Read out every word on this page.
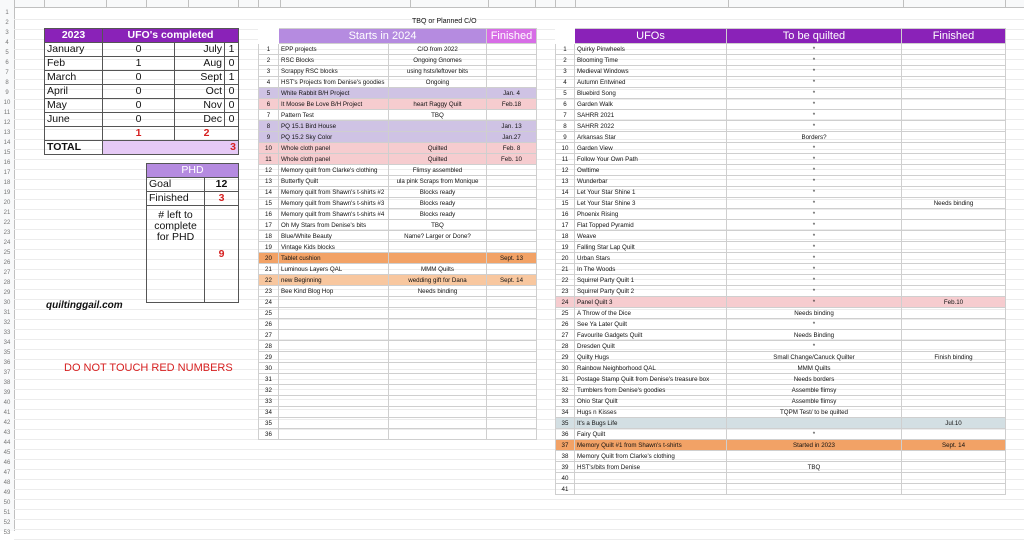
1
2
3
4
5
6
7
8
9
10
11
12
13
14
15
16
17
18
19
20
21
22
23
24
25
26
27
28
29
30
31
32
33
34
35
36
37
38
39
40
41
42
43
44
45
46
47
48
49
50
51
52
53
TBQ or Planned C/O
2023	UFO's completed		
January	0	July	1
Feb	1	Aug	0
March	0	Sept	1
April	0	Oct	0
May	0	Nov	0
June	0	Dec	0
	1	2	
TOTAL	3		
PHD	
Goal	12
Finished	3
# left to complete for PHD	9
quiltinggail.com
DO NOT TOUCH RED NUMBERS
	Starts in 2024		Finished
1	EPP projects	C/O from 2022	
2	RSC Blocks	Ongoing Gnomes	
3	Scrappy RSC blocks	using hsts/leftover bits	
4	HST's Projects from Denise's goodies	Ongoing	
5	White Rabbit B/H Project		Jan. 4
6	It Moose Be Love B/H Project	heart Raggy Quilt	Feb.18
7	Pattern Test	TBQ	
8	PQ 15.1 Bird House		Jan. 13
9	PQ 15.2 Sky Color		Jan.27
10	Whole cloth panel	Quilted	Feb. 8
11	Whole cloth panel	Quilted	Feb. 10
12	Memory quilt from Clarke's clothing	Flimsy assembled	
13	Butterfly Quilt	ula pink Scraps from Monique	
14	Memory quilt from Shawn's t-shirts #2	Blocks ready	
15	Memory quilt from Shawn's t-shirts #3	Blocks ready	
16	Memory quilt from Shawn's t-shirts #4	Blocks ready	
17	Oh My Stars from Denise's bits	TBQ	
18	Blue/White Beauty	Name? Larger or Done?	
19	Vintage Kids blocks		
20	Tablet cushion		Sept. 13
21	Luminous Layers QAL	MMM Quilts	
22	new Beginning	wedding gift for Dana	Sept. 14
23	Bee Kind Blog Hop	Needs binding	
24			
25			
26			
27			
28			
29			
30			
31			
32			
33			
34			
35			
36			
	UFOs	To be quilted	Finished
1	Quirky Pinwheels	*	
2	Blooming Time	*	
3	Medieval Windows	*	
4	Autumn Entwined	*	
5	Bluebird Song	*	
6	Garden Walk	*	
7	SAHRR 2021	*	
8	SAHRR 2022	*	
9	Arkansas Star	Borders?	
10	Garden View	*	
11	Follow Your Own Path	*	
12	Owltime	*	
13	Wunderbar	*	
14	Let Your Star Shine 1	*	
15	Let Your Star Shine 3	*	Needs binding
16	Phoenix Rising	*	
17	Flat Topped Pyramid	*	
18	Weave	*	
19	Falling Star Lap Quilt	*	
20	Urban Stars	*	
21	In The Woods	*	
22	Squirrel Party Quilt 1	*	
23	Squirrel Party Quilt 2	*	
24	Panel Quilt 3	*	Feb.10
25	A Throw of the Dice	Needs binding	
26	See Ya Later Quilt	*	
27	Favourite Gadgets Quilt	Needs Binding	
28	Dresden Quilt	*	
29	Quilty Hugs	Small Change/Canuck Quilter	Finish binding
30	Rainbow Neighborhood QAL	MMM Quilts	
31	Postage Stamp Quilt from Denise's treasure box	Needs borders	
32	Tumblers from Denise's goodies	Assemble flimsy	
33	Ohio Star Quilt	Assemble flimsy	
34	Hugs n Kisses	TQPM Test/ to be quilted	
35	It's a Bugs Life		Jul.10
36	Fairy Quilt	*	
37	Memory Quilt #1 from Shawn's t-shirts	Started in 2023	Sept. 14
38	Memory Quilt from Clarke's clothing		
39	HST's/bits from Denise	TBQ	
40			
41			
